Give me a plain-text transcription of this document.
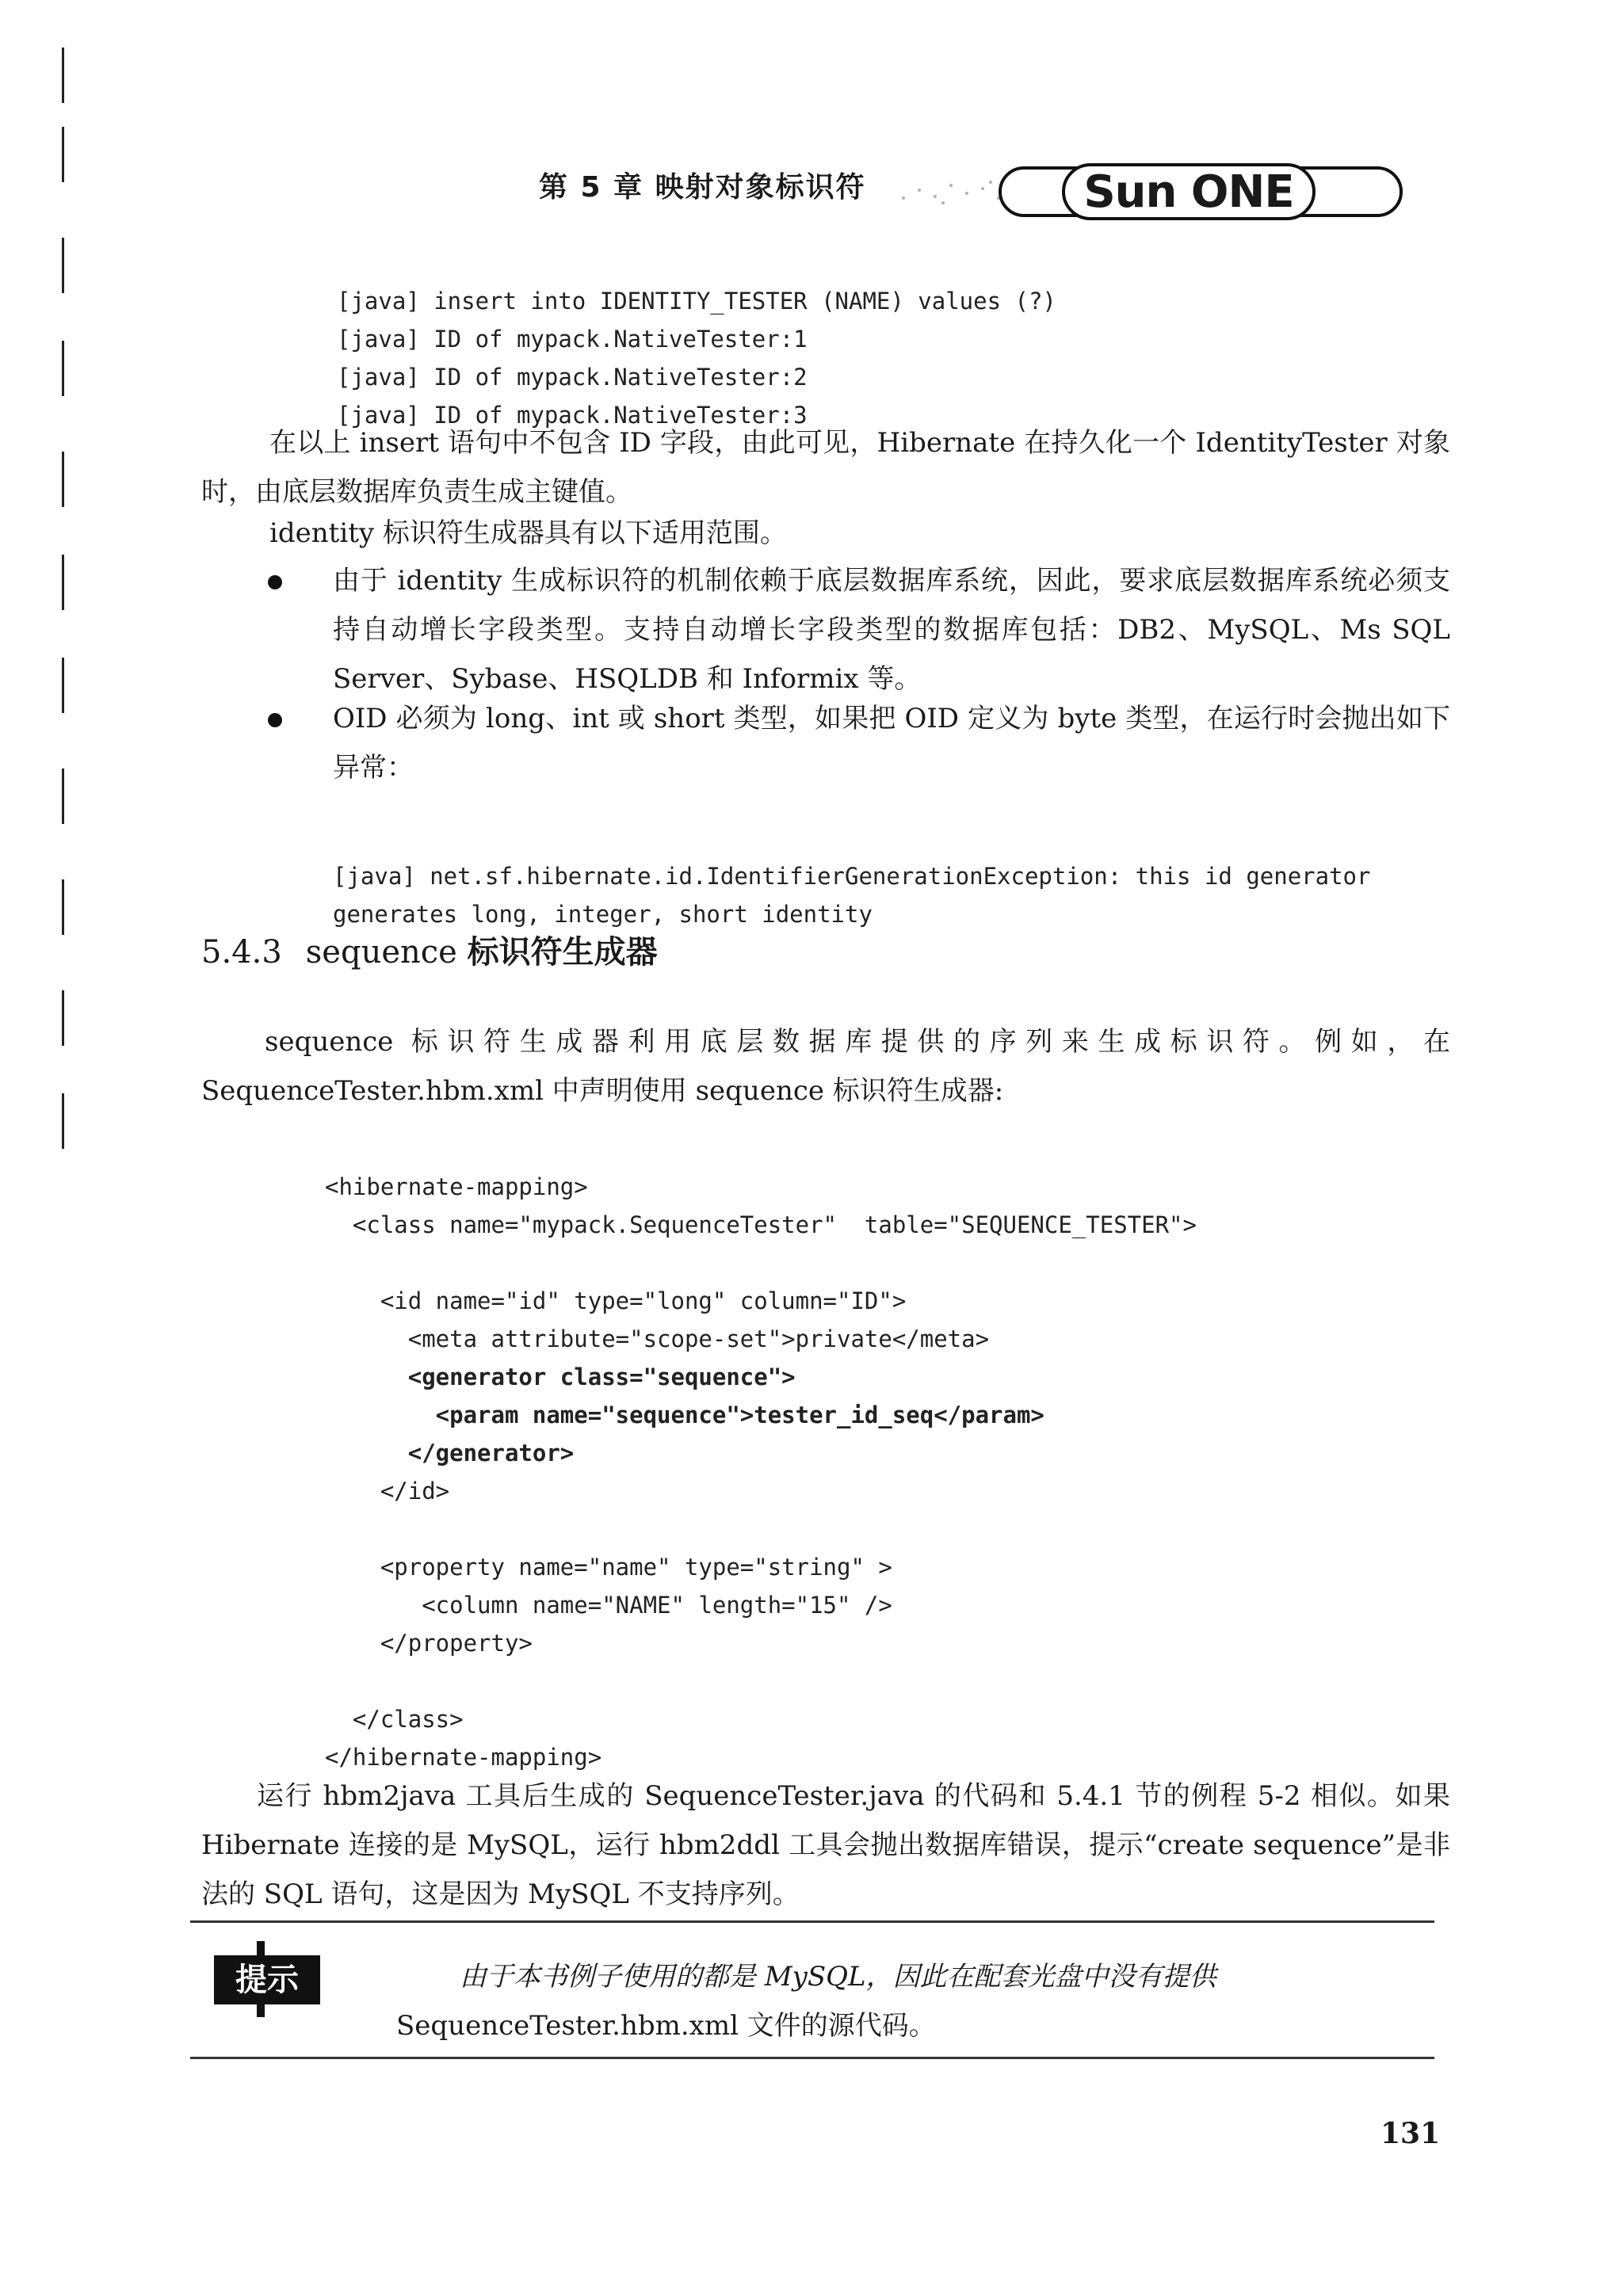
第 5 章 映射对象标识符	Sun ONE

[java] insert into IDENTITY_TESTER (NAME) values (?)
[java] ID of mypack.NativeTester:1
[java] ID of mypack.NativeTester:2
[java] ID of mypack.NativeTester:3

在以上 insert 语句中不包含 ID 字段，由此可见，Hibernate 在持久化一个 IdentityTester 对象时，由底层数据库负责生成主键值。
identity 标识符生成器具有以下适用范围。
由于 identity 生成标识符的机制依赖于底层数据库系统，因此，要求底层数据库系统必须支持自动增长字段类型。支持自动增长字段类型的数据库包括：DB2、MySQL、Ms SQL Server、Sybase、HSQLDB 和 Informix 等。
OID 必须为 long、int 或 short 类型，如果把 OID 定义为 byte 类型，在运行时会抛出如下异常：

[java] net.sf.hibernate.id.IdentifierGenerationException: this id generator
generates long, integer, short identity

5.4.3 sequence 标识符生成器
sequence 标识符生成器利用底层数据库提供的序列来生成标识符。例如，在 SequenceTester.hbm.xml 中声明使用 sequence 标识符生成器:

<hibernate-mapping>
<class name="mypack.SequenceTester"  table="SEQUENCE_TESTER">
<id name="id" type="long" column="ID">
<meta attribute="scope-set">private</meta>
<generator class="sequence">
<param name="sequence">tester_id_seq</param>
</generator>
</id>
<property name="name" type="string" >
<column name="NAME" length="15" />
</property>
</class>
</hibernate-mapping>

运行 hbm2java 工具后生成的 SequenceTester.java 的代码和 5.4.1 节的例程 5-2 相似。如果 Hibernate 连接的是 MySQL，运行 hbm2ddl 工具会抛出数据库错误，提示“create sequence”是非法的 SQL 语句，这是因为 MySQL 不支持序列。
提示	由于本书例子使用的都是 MySQL，因此在配套光盘中没有提供
SequenceTester.hbm.xml 文件的源代码。
131
